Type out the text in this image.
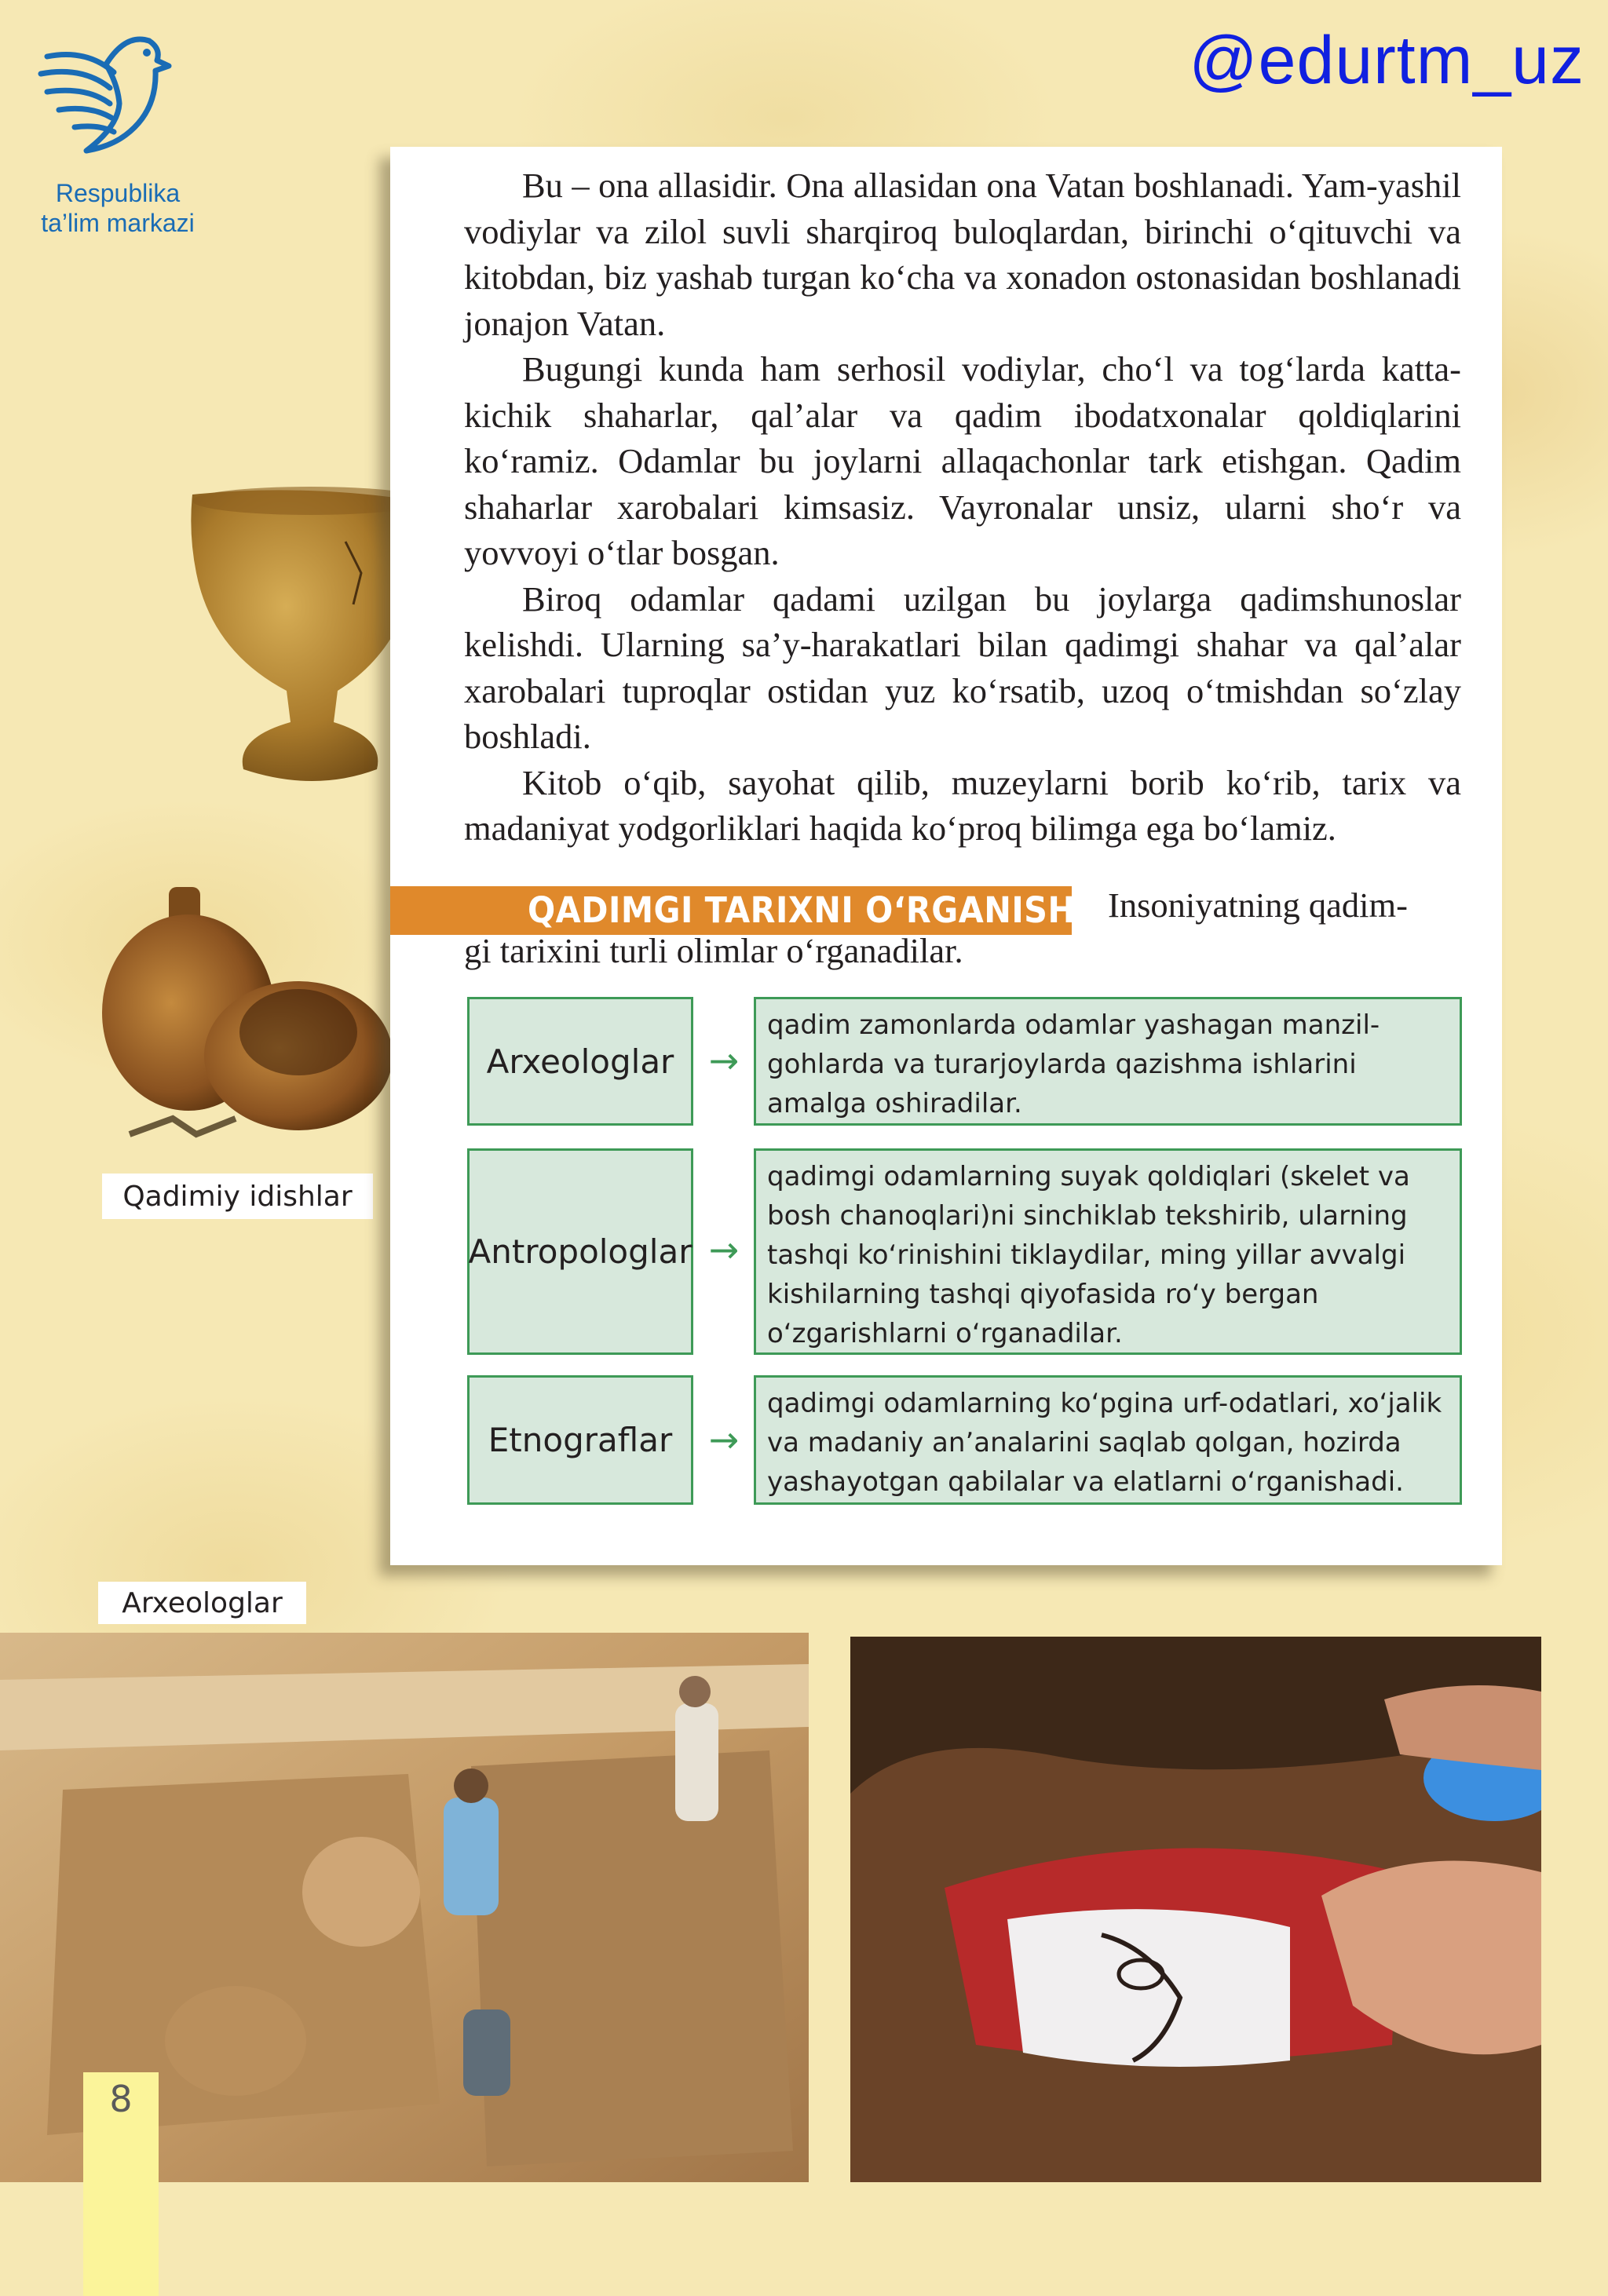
Respublika
ta’lim markazi
@edurtm_uz
Qadimiy idishlar

Bu – ona allasidir. Ona allasidan ona Vatan boshlanadi. Yam-yashil vodiylar va zilol suvli sharqiroq buloqlardan, birinchi o‘qituvchi va kitobdan, biz yashab turgan ko‘cha va xonadon ostonasidan boshlanadi jonajon Vatan.

Bugungi kunda ham serhosil vodiylar, cho‘l va tog‘larda katta-kichik shaharlar, qal’alar va qadim ibodatxonalar qoldiqlarini ko‘ramiz. Odamlar bu joylarni allaqachonlar tark etishgan. Qadim shaharlar xarobalari kimsasiz. Vayronalar unsiz, ularni sho‘r va yovvoyi o‘tlar bosgan.

Biroq odamlar qadami uzilgan bu joylarga qadimshunoslar kelishdi. Ularning sa’y-harakatlari bilan qadimgi shahar va qal’alar xarobalari tuproqlar ostidan yuz ko‘rsatib, uzoq o‘tmishdan so‘zlay boshladi.

Kitob o‘qib, sayohat qilib, muzeylarni borib ko‘rib, tarix va madaniyat yodgorliklari haqida ko‘proq bilimga ega bo‘lamiz.

QADIMGI TARIXNI O‘RGANISH Insoniyatning qadim-
gi tarixini turli olimlar o‘rganadilar.
Arxeologlar →
qadim zamonlarda odamlar yashagan manzil-gohlarda va turarjoylarda qazishma ishlarini amalga oshiradilar.
Antropologlar →
qadimgi odamlarning suyak qoldiqlari (skelet va bosh chanoqlari)ni sinchiklab tekshirib, ularning tashqi ko‘rinishini tiklaydilar, ming yillar avvalgi kishilarning tashqi qiyofasida ro‘y bergan o‘zgarishlarni o‘rganadilar.
Etnograflar	→
qadimgi odamlarning ko‘pgina urf-odatlari, xo‘jalik va madaniy an’analarini saqlab qolgan, hozirda yashayotgan qabilalar va elatlarni o‘rganishadi.
Arxeologlar
8
